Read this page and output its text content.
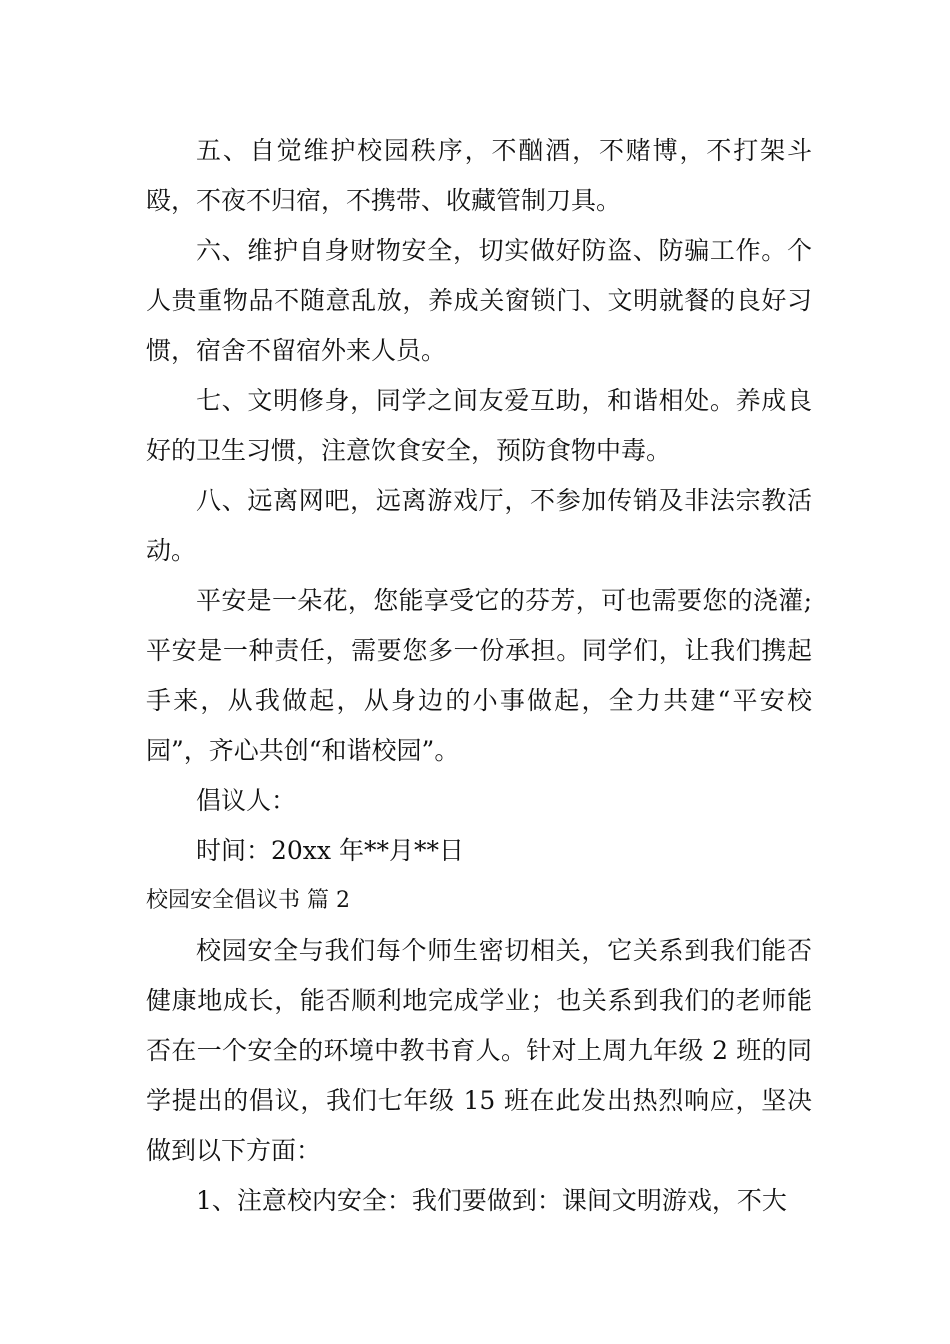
五、自觉维护校园秩序，不酗酒，不赌博，不打架斗殴，不夜不归宿，不携带、收藏管制刀具。

六、维护自身财物安全，切实做好防盗、防骗工作。个人贵重物品不随意乱放，养成关窗锁门、文明就餐的良好习惯，宿舍不留宿外来人员。

七、文明修身，同学之间友爱互助，和谐相处。养成良好的卫生习惯，注意饮食安全，预防食物中毒。

八、远离网吧，远离游戏厅，不参加传销及非法宗教活动。

平安是一朵花，您能享受它的芬芳，可也需要您的浇灌;平安是一种责任，需要您多一份承担。同学们，让我们携起手来，从我做起，从身边的小事做起，全力共建“平安校园”，齐心共创“和谐校园”。

倡议人：

时间：20xx 年**月**日

校园安全倡议书 篇 2

校园安全与我们每个师生密切相关，它关系到我们能否健康地成长，能否顺利地完成学业；也关系到我们的老师能否在一个安全的环境中教书育人。针对上周九年级 2 班的同学提出的倡议，我们七年级 15 班在此发出热烈响应，坚决做到以下方面：

1、注意校内安全：我们要做到：课间文明游戏，不大
